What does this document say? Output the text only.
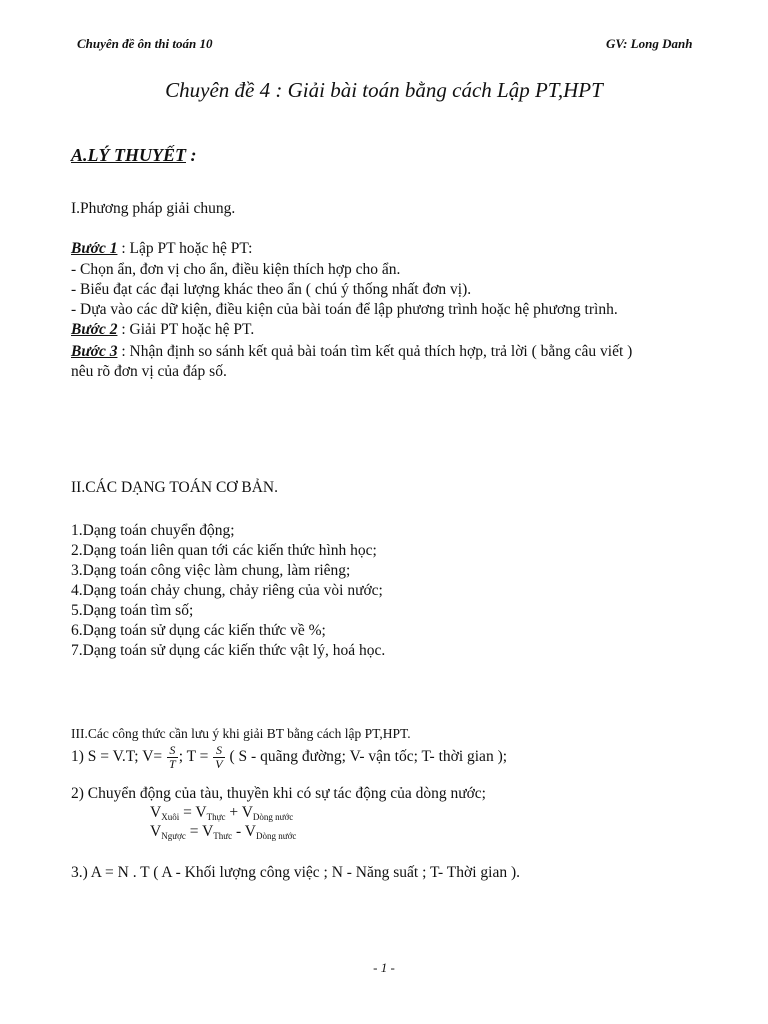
Chuyên đề ôn thi toán 10	GV: Long Danh
Chuyên đề 4 : Giải bài toán bằng cách Lập PT,HPT
A.LÝ THUYẾT :
I.Phương pháp giải chung.
Bước 1 : Lập PT hoặc hệ PT:
- Chọn ẩn, đơn vị cho ẩn, điều kiện thích hợp cho ẩn.
- Biểu đạt các đại lượng khác theo ẩn ( chú ý thống nhất đơn vị).
- Dựa vào các dữ kiện, điều kiện của bài toán để lập phương trình hoặc hệ phương trình.
Bước 2 : Giải PT hoặc hệ PT.
Bước 3 : Nhận định so sánh kết quả bài toán tìm kết quả thích hợp, trả lời ( bằng câu viết )
nêu rõ đơn vị của đáp số.
II.CÁC DẠNG TOÁN CƠ BẢN.
1.Dạng toán chuyển động;
2.Dạng toán liên quan tới các kiến thức hình học;
3.Dạng toán công việc làm chung, làm riêng;
4.Dạng toán chảy chung, chảy riêng của vòi nước;
5.Dạng toán tìm số;
6.Dạng toán sử dụng các kiến thức về %;
7.Dạng toán sử dụng các kiến thức vật lý, hoá học.
III.Các công thức cần lưu ý khi giải BT bằng cách lập PT,HPT.
1) S = V.T; $V= \frac{S}{T}$ ; $T = \frac{S}{V}$ ( S - quãng đường; V- vận tốc; T- thời gian );
2) Chuyển động của tàu, thuyền khi có sự tác động của dòng nước;
$V_{Xuôi} = V_{Thực} + V_{Dòng nước}$
$V_{Ngược} = V_{Thưc} - V_{Dòng nước}$
3.) A = N . T ( A - Khối lượng công việc ; N - Năng suất ; T- Thời gian ).
- 1 -
